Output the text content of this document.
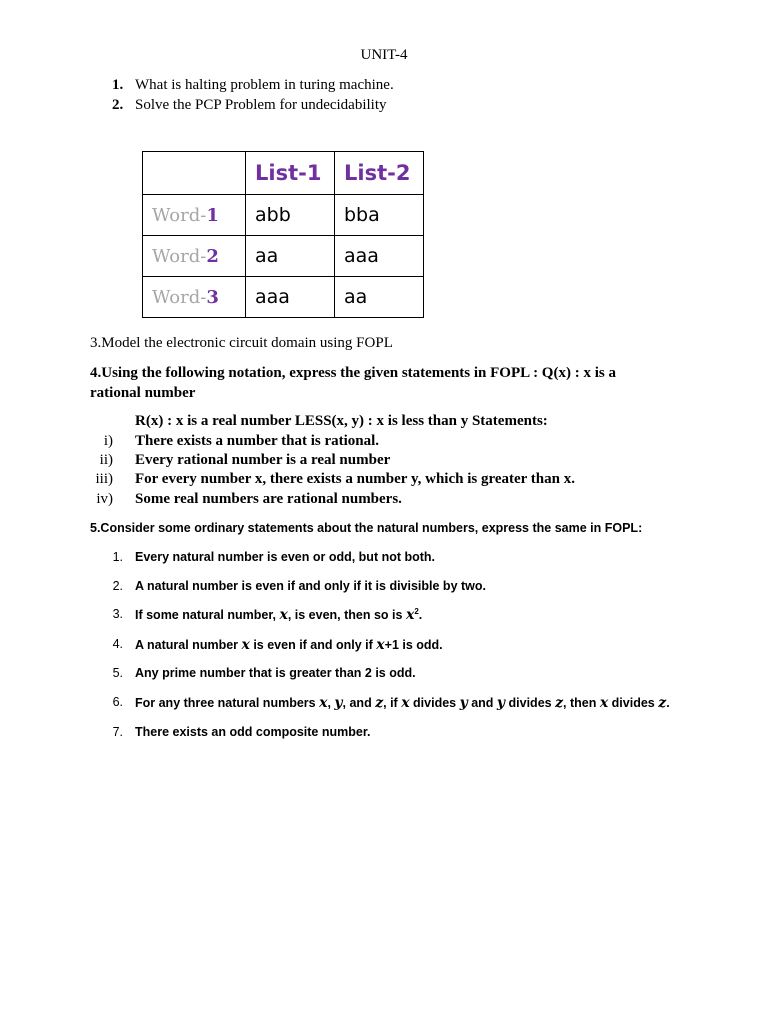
UNIT-4
1. What is halting problem in turing machine.
2. Solve the PCP Problem for undecidability
	List-1	List-2
Word-1	abb	bba
Word-2	aa	aaa
Word-3	aaa	aa
3.Model the electronic circuit domain using FOPL
4.Using the following notation, express the given statements in FOPL : Q(x) : x is a
rational number
R(x) : x is a real number LESS(x, y) : x is less than y Statements:
i) There exists a number that is rational.
ii) Every rational number is a real number
iii) For every number x, there exists a number y, which is greater than x.
iv) Some real numbers are rational numbers.
5.Consider some ordinary statements about the natural numbers, express the same in FOPL:
1. Every natural number is even or odd, but not both.
2. A natural number is even if and only if it is divisible by two.
3. If some natural number, x, is even, then so is $x^2$.
4. A natural number x is even if and only if x+1 is odd.
5. Any prime number that is greater than 2 is odd.
6. For any three natural numbers x, y, and z, if x divides y and y divides z, then x divides z.
7. There exists an odd composite number.
